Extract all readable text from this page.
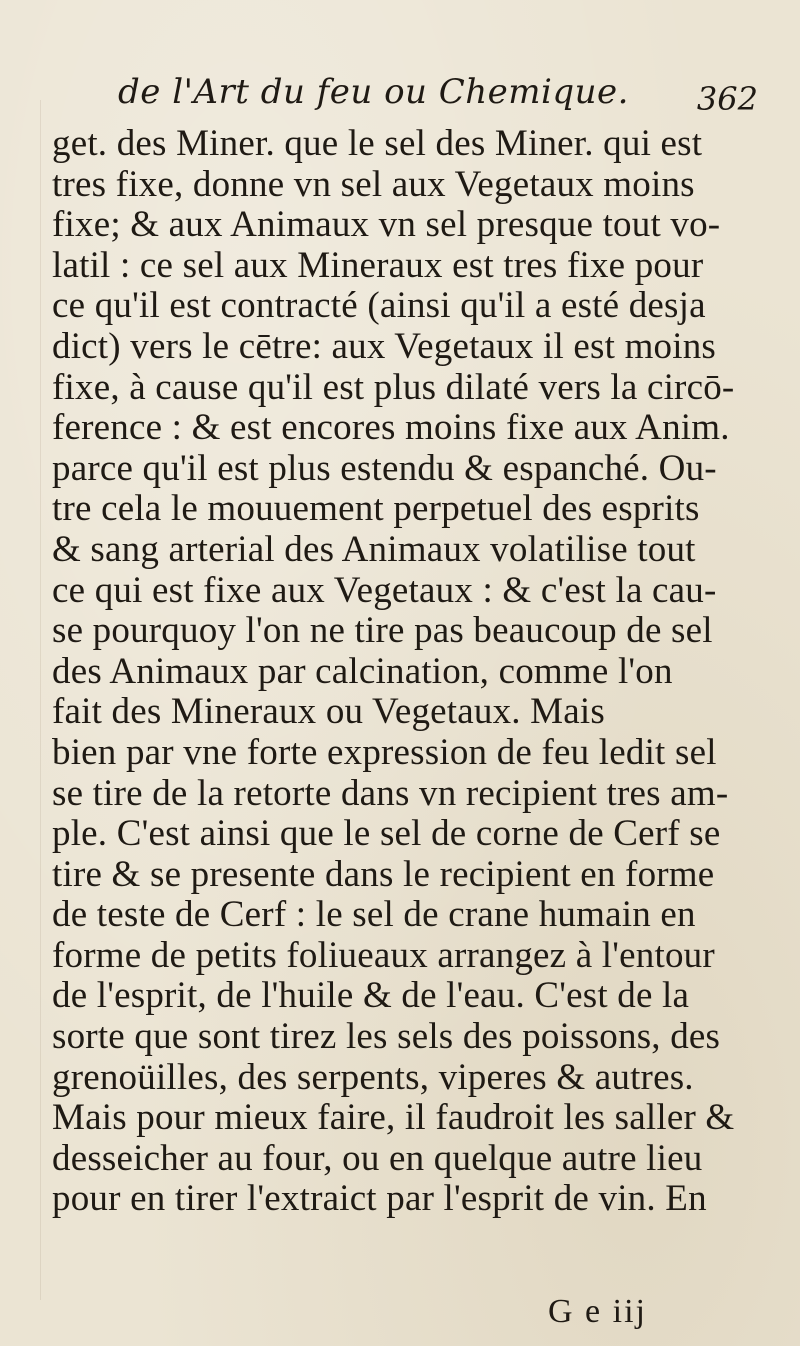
de l'Art du feu ou Chemique. 362
get. des Miner. que le sel des Miner. qui est
tres fixe, donne vn sel aux Vegetaux moins
fixe; & aux Animaux vn sel presque tout vo-
latil : ce sel aux Mineraux est tres fixe pour
ce qu'il est contracté (ainsi qu'il a esté desja
dict) vers le cētre: aux Vegetaux il est moins
fixe, à cause qu'il est plus dilaté vers la circō-
ference : & est encores moins fixe aux Anim.
parce qu'il est plus estendu & espanché. Ou-
tre cela le mouuement perpetuel des esprits
& sang arterial des Animaux volatilise tout
ce qui est fixe aux Vegetaux : & c'est la cau-
se pourquoy l'on ne tire pas beaucoup de sel
des Animaux par calcination, comme l'on
fait des Mineraux ou Vegetaux. Mais
bien par vne forte expression de feu ledit sel
se tire de la retorte dans vn recipient tres am-
ple. C'est ainsi que le sel de corne de Cerf se
tire & se presente dans le recipient en forme
de teste de Cerf : le sel de crane humain en
forme de petits foliueaux arrangez à l'entour
de l'esprit, de l'huile & de l'eau. C'est de la
sorte que sont tirez les sels des poissons, des
grenoüilles, des serpents, viperes & autres.
Mais pour mieux faire, il faudroit les saller &
desseicher au four, ou en quelque autre lieu
pour en tirer l'extraict par l'esprit de vin. En
G e iij
